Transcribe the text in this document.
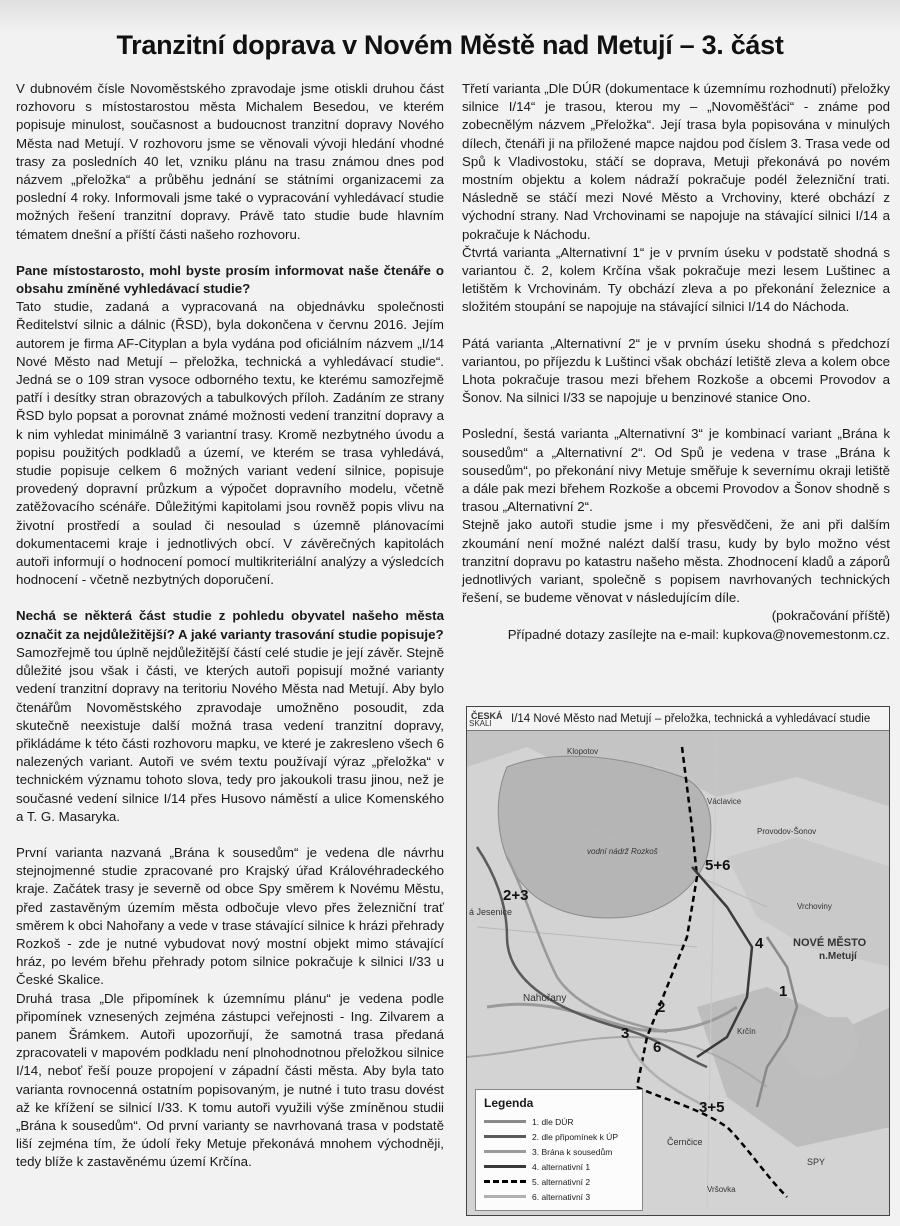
Tranzitní doprava v Novém Městě nad Metují – 3. část

V dubnovém čísle Novoměstského zpravodaje jsme otiskli druhou část rozhovoru s místostarostou města Michalem Besedou, ve kterém popisuje minulost, současnost a budoucnost tranzitní dopravy Nového Města nad Metují. V rozhovoru jsme se věnovali vývoji hledání vhodné trasy za posledních 40 let, vzniku plánu na trasu známou dnes pod názvem „přeložka“ a průběhu jednání se státními organizacemi za poslední 4 roky. Informovali jsme také o vypracování vyhledávací studie možných řešení tranzitní dopravy. Právě tato studie bude hlavním tématem dnešní a příští části našeho rozhovoru.

Pane místostarosto, mohl byste prosím informovat naše čtenáře o obsahu zmíněné vyhledávací studie?

Tato studie, zadaná a vypracovaná na objednávku společnosti Ředitelství silnic a dálnic (ŘSD), byla dokončena v červnu 2016. Jejím autorem je firma AF-Cityplan a byla vydána pod oficiálním názvem „I/14 Nové Město nad Metují – přeložka, technická a vyhledávací studie“. Jedná se o 109 stran vysoce odborného textu, ke kterému samozřejmě patří i desítky stran obrazových a tabulkových příloh. Zadáním ze strany ŘSD bylo popsat a porovnat známé možnosti vedení tranzitní dopravy a k nim vyhledat minimálně 3 variantní trasy. Kromě nezbytného úvodu a popisu použitých podkladů a území, ve kterém se trasa vyhledává, studie popisuje celkem 6 možných variant vedení silnice, popisuje provedený dopravní průzkum a výpočet dopravního modelu, včetně zatěžovacího scénáře. Důležitými kapitolami jsou rovněž popis vlivu na životní prostředí a soulad či nesoulad s územně plánovacími dokumentacemi kraje i jednotlivých obcí. V závěrečných kapitolách autoři informují o hodnocení pomocí multikriteriální analýzy a výsledcích hodnocení - včetně nezbytných doporučení.

Nechá se některá část studie z pohledu obyvatel našeho města označit za nejdůležitější? A jaké varianty trasování studie popisuje?

Samozřejmě tou úplně nejdůležitější částí celé studie je její závěr. Stejně důležité jsou však i části, ve kterých autoři popisují možné varianty vedení tranzitní dopravy na teritoriu Nového Města nad Metují. Aby bylo čtenářům Novoměstského zpravodaje umožněno posoudit, zda skutečně neexistuje další možná trasa vedení tranzitní dopravy, přikládáme k této části rozhovoru mapku, ve které je zakresleno všech 6 nalezených variant. Autoři ve svém textu používají výraz „přeložka“ v technickém významu tohoto slova, tedy pro jakoukoli trasu jinou, než je současné vedení silnice I/14 přes Husovo náměstí a ulice Komenského a T. G. Masaryka.

První varianta nazvaná „Brána k sousedům“ je vedena dle návrhu stejnojmenné studie zpracované pro Krajský úřad Královéhradeckého kraje. Začátek trasy je severně od obce Spy směrem k Novému Městu, před zastavěným územím města odbočuje vlevo přes železniční trať směrem k obci Nahořany a vede v trase stávající silnice k hrázi přehrady Rozkoš - zde je nutné vybudovat nový mostní objekt mimo stávající hráz, po levém břehu přehrady potom silnice pokračuje k silnici I/33 u České Skalice.

Druhá trasa „Dle připomínek k územnímu plánu“ je vedena podle připomínek vznesených zejména zástupci veřejnosti - Ing. Zilvarem a panem Šrámkem. Autoři upozorňují, že samotná trasa předaná zpracovateli v mapovém podkladu není plnohodnotnou přeložkou silnice I/14, neboť řeší pouze propojení v západní části města. Aby byla tato varianta rovnocenná ostatním popisovaným, je nutné i tuto trasu dovést až ke křížení se silnicí I/33. K tomu autoři využili výše zmíněnou studii „Brána k sousedům“. Od první varianty se navrhovaná trasa v podstatě liší zejména tím, že údolí řeky Metuje překonává mnohem východněji, tedy blíže k zastavěnému území Krčína.

Třetí varianta „Dle DÚR (dokumentace k územnímu rozhodnutí) přeložky silnice I/14“ je trasou, kterou my – „Novoměšťáci“ - známe pod zobecnělým názvem „Přeložka“. Její trasa byla popisována v minulých dílech, čtenáři ji na přiložené mapce najdou pod číslem 3. Trasa vede od Spů k Vladivostoku, stáčí se doprava, Metuji překonává po novém mostním objektu a kolem nádraží pokračuje podél železniční trati. Následně se stáčí mezi Nové Město a Vrchoviny, které obchází z východní strany. Nad Vrchovinami se napojuje na stávající silnici I/14 a pokračuje k Náchodu.

Čtvrtá varianta „Alternativní 1“ je v prvním úseku v podstatě shodná s variantou č. 2, kolem Krčína však pokračuje mezi lesem Luštinec a letištěm k Vrchovinám. Ty obchází zleva a po překonání železnice a složitém stoupání se napojuje na stávající silnici I/14 do Náchoda.

Pátá varianta „Alternativní 2“ je v prvním úseku shodná s předchozí variantou, po příjezdu k Luštinci však obchází letiště zleva a kolem obce Lhota pokračuje trasou mezi břehem Rozkoše a obcemi Provodov a Šonov. Na silnici I/33 se napojuje u benzinové stanice Ono.

Poslední, šestá varianta „Alternativní 3“ je kombinací variant „Brána k sousedům“ a „Alternativní 2“. Od Spů je vedena v trase „Brána k sousedům“, po překonání nivy Metuje směřuje k severnímu okraji letiště a dále pak mezi břehem Rozkoše a obcemi Provodov a Šonov shodně s trasou „Alternativní 2“.

Stejně jako autoři studie jsme i my přesvědčeni, že ani při dalším zkoumání není možné nalézt další trasu, kudy by bylo možno vést tranzitní dopravu po katastru našeho města. Zhodnocení kladů a záporů jednotlivých variant, společně s popisem navrhovaných technických řešení, se budeme věnovat v následujícím díle.

(pokračování příště)

Případné dotazy zasílejte na e-mail: kupkova@novemestonm.cz.

I/14 Nové Město nad Metují – přeložka, technická a vyhledávací studie
ČESKÁ
SKALI
vodní nádrž Rozkoš
Provodov-Šonov
NOVÉ MĚSTO
n.Metují
Nahořany
SPY
Vrchoviny
Krčín
Černčice
Vršovka
á Jesenice
Klopotov
Václavice
5+6
2+3
4
1
2
3
6
3+5
Legenda
1. dle DÚR
2. dle připomínek k ÚP
3. Brána k sousedům
4. alternativní 1
5. alternativní 2
6. alternativní 3
